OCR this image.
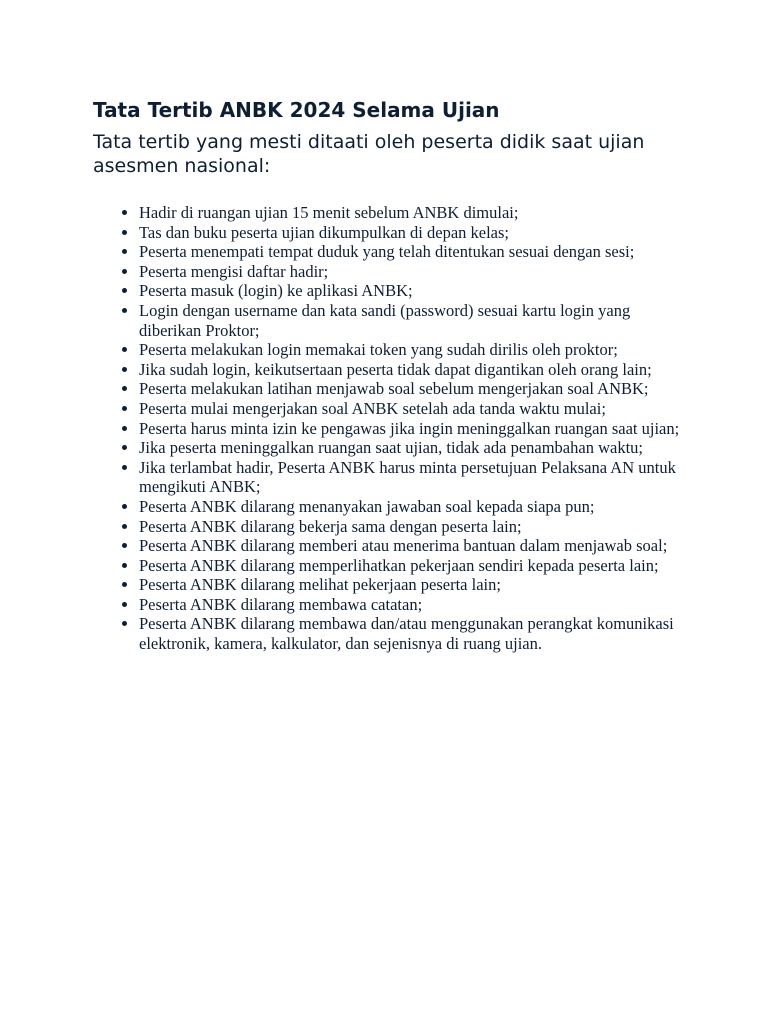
Tata Tertib ANBK 2024 Selama Ujian
Tata tertib yang mesti ditaati oleh peserta didik saat ujian asesmen nasional:
• Hadir di ruangan ujian 15 menit sebelum ANBK dimulai;
• Tas dan buku peserta ujian dikumpulkan di depan kelas;
• Peserta menempati tempat duduk yang telah ditentukan sesuai dengan sesi;
• Peserta mengisi daftar hadir;
• Peserta masuk (login) ke aplikasi ANBK;
• Login dengan username dan kata sandi (password) sesuai kartu login yang diberikan Proktor;
• Peserta melakukan login memakai token yang sudah dirilis oleh proktor;
• Jika sudah login, keikutsertaan peserta tidak dapat digantikan oleh orang lain;
• Peserta melakukan latihan menjawab soal sebelum mengerjakan soal ANBK;
• Peserta mulai mengerjakan soal ANBK setelah ada tanda waktu mulai;
• Peserta harus minta izin ke pengawas jika ingin meninggalkan ruangan saat ujian;
• Jika peserta meninggalkan ruangan saat ujian, tidak ada penambahan waktu;
• Jika terlambat hadir, Peserta ANBK harus minta persetujuan Pelaksana AN untuk mengikuti ANBK;
• Peserta ANBK dilarang menanyakan jawaban soal kepada siapa pun;
• Peserta ANBK dilarang bekerja sama dengan peserta lain;
• Peserta ANBK dilarang memberi atau menerima bantuan dalam menjawab soal;
• Peserta ANBK dilarang memperlihatkan pekerjaan sendiri kepada peserta lain;
• Peserta ANBK dilarang melihat pekerjaan peserta lain;
• Peserta ANBK dilarang membawa catatan;
• Peserta ANBK dilarang membawa dan/atau menggunakan perangkat komunikasi elektronik, kamera, kalkulator, dan sejenisnya di ruang ujian.
